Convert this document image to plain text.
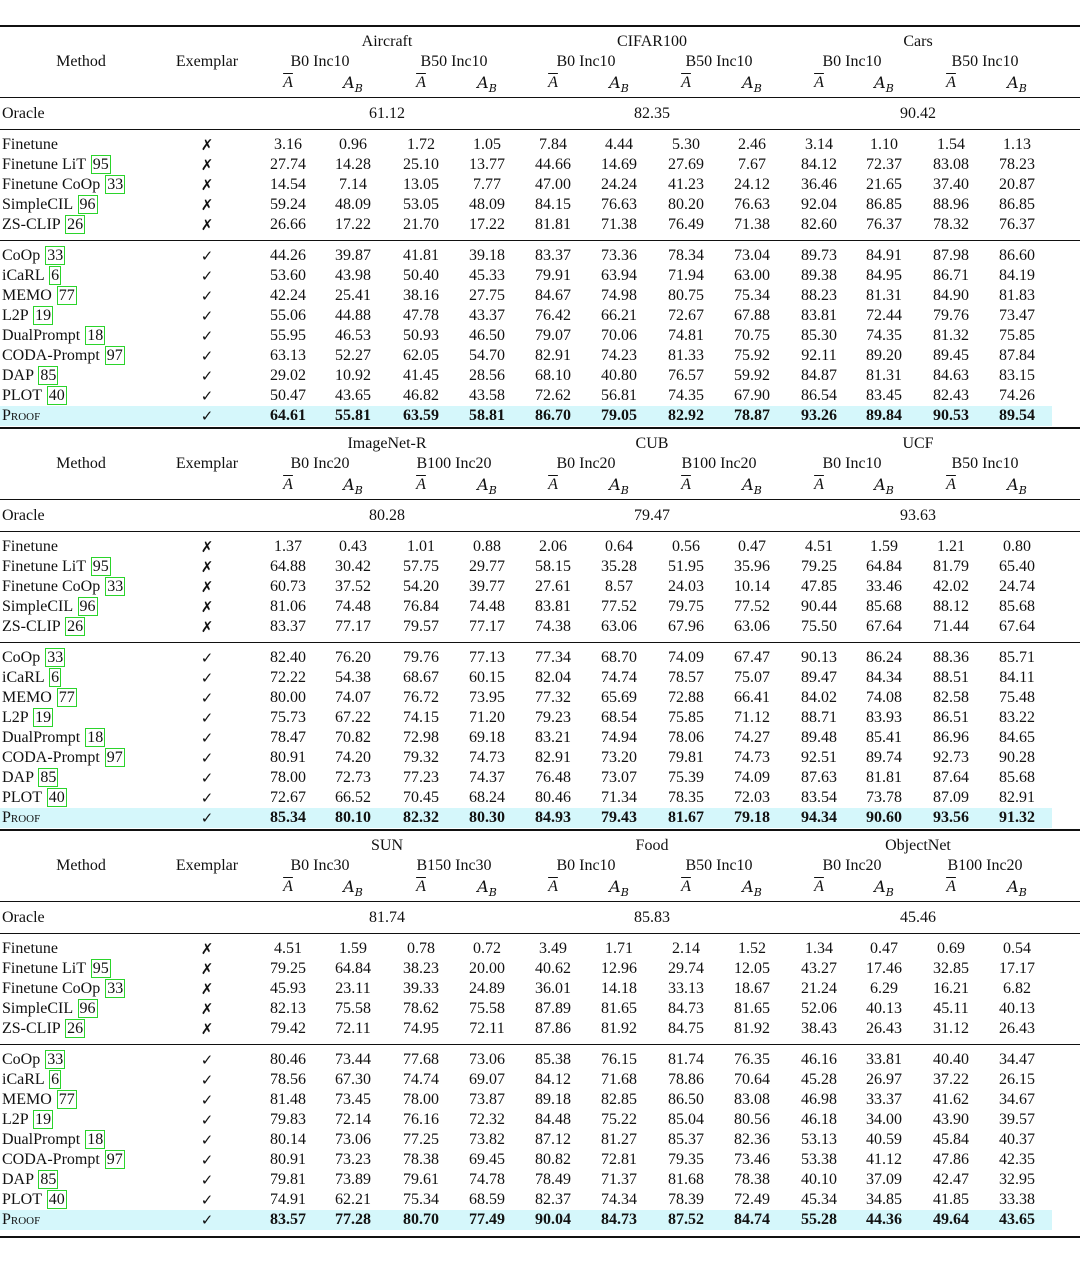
Method	Exemplar
Aircraft
B0 Inc10	B50 Inc10
CIFAR100
B0 Inc10	B50 Inc10
Cars
B0 Inc10	B50 Inc10
$\overline{A}$	$A_B$	$\overline{A}$	$A_B$	$\overline{A}$	$A_B$	$\overline{A}$	$A_B$	$\overline{A}$	$A_B$	$\overline{A}$	$A_B$
Oracle	61.12	82.35	90.42
Finetune	✗	3.16 0.96	1.72 1.05 7.84 4.44 5.30 2.46 3.14 1.10 1.54 1.13
Finetune LiT 95	✗	27.74 14.28 25.10 13.77 44.66 14.69 27.69 7.67 84.12 72.37 83.08 78.23
Finetune CoOp 33	✗	14.54 7.14 13.05 7.77 47.00 24.24 41.23 24.12 36.46 21.65 37.40 20.87
SimpleCIL 96	✗	59.24 48.09 53.05 48.09 84.15 76.63 80.20 76.63 92.04 86.85 88.96 86.85
ZS-CLIP 26	✗	26.66 17.22 21.70 17.22 81.81 71.38 76.49 71.38 82.60 76.37 78.32 76.37
CoOp 33	✓	44.26 39.87 41.81 39.18 83.37 73.36 78.34 73.04 89.73 84.91 87.98 86.60
iCaRL 6	✓	53.60 43.98 50.40 45.33 79.91 63.94 71.94 63.00 89.38 84.95 86.71 84.19
MEMO 77	✓	42.24 25.41 38.16 27.75 84.67 74.98 80.75 75.34 88.23 81.31 84.90 81.83
L2P 19	✓	55.06 44.88 47.78 43.37 76.42 66.21 72.67 67.88 83.81 72.44 79.76 73.47
DualPrompt 18	✓	55.95 46.53 50.93 46.50 79.07 70.06 74.81 70.75 85.30 74.35 81.32 75.85
CODA-Prompt 97	✓	63.13 52.27 62.05 54.70 82.91 74.23 81.33 75.92 92.11 89.20 89.45 87.84
DAP 85	✓	29.02 10.92 41.45 28.56 68.10 40.80 76.57 59.92 84.87 81.31 84.63 83.15
PLOT 40	✓	50.47 43.65 46.82 43.58 72.62 56.81 74.35 67.90 86.54 83.45 82.43 74.26
Proof	✓	64.61 55.81 63.59 58.81 86.70 79.05 82.92 78.87 93.26 89.84 90.53 89.54
Method	Exemplar
ImageNet-R
B0 Inc20	B100 Inc20
CUB
B0 Inc20	B100 Inc20
UCF
B0 Inc10	B50 Inc10
$\overline{A}$	$A_B$	$\overline{A}$	$A_B$	$\overline{A}$	$A_B$	$\overline{A}$	$A_B$	$\overline{A}$	$A_B$	$\overline{A}$	$A_B$
Oracle	80.28	79.47	93.63
Finetune	✗	1.37 0.43	1.01 0.88 2.06 0.64 0.56 0.47 4.51 1.59 1.21 0.80
Finetune LiT 95	✗	64.88 30.42 57.75 29.77 58.15 35.28 51.95 35.96 79.25 64.84 81.79 65.40
Finetune CoOp 33	✗	60.73 37.52 54.20 39.77 27.61 8.57 24.03 10.14 47.85 33.46 42.02 24.74
SimpleCIL 96	✗	81.06 74.48 76.84 74.48 83.81 77.52 79.75 77.52 90.44 85.68 88.12 85.68
ZS-CLIP 26	✗	83.37 77.17 79.57 77.17 74.38 63.06 67.96 63.06 75.50 67.64 71.44 67.64
CoOp 33	✓	82.40 76.20 79.76 77.13 77.34 68.70 74.09 67.47 90.13 86.24 88.36 85.71
iCaRL 6	✓	72.22 54.38 68.67 60.15 82.04 74.74 78.57 75.07 89.47 84.34 88.51 84.11
MEMO 77	✓	80.00 74.07 76.72 73.95 77.32 65.69 72.88 66.41 84.02 74.08 82.58 75.48
L2P 19	✓	75.73 67.22 74.15 71.20 79.23 68.54 75.85 71.12 88.71 83.93 86.51 83.22
DualPrompt 18	✓	78.47 70.82 72.98 69.18 83.21 74.94 78.06 74.27 89.48 85.41 86.96 84.65
CODA-Prompt 97	✓	80.91 74.20 79.32 74.73 82.91 73.20 79.81 74.73 92.51 89.74 92.73 90.28
DAP 85	✓	78.00 72.73 77.23 74.37 76.48 73.07 75.39 74.09 87.63 81.81 87.64 85.68
PLOT 40	✓	72.67 66.52 70.45 68.24 80.46 71.34 78.35 72.03 83.54 73.78 87.09 82.91
Proof	✓	85.34 80.10 82.32 80.30 84.93 79.43 81.67 79.18 94.34 90.60 93.56 91.32
Method	Exemplar
SUN
B0 Inc30	B150 Inc30
Food
B0 Inc10	B50 Inc10
ObjectNet
B0 Inc20	B100 Inc20
$\overline{A}$	$A_B$	$\overline{A}$	$A_B$	$\overline{A}$	$A_B$	$\overline{A}$	$A_B$	$\overline{A}$	$A_B$	$\overline{A}$	$A_B$
Oracle	81.74	85.83	45.46
Finetune	✗	4.51 1.59	0.78 0.72 3.49 1.71 2.14 1.52 1.34 0.47 0.69 0.54
Finetune LiT 95	✗	79.25 64.84 38.23 20.00 40.62 12.96 29.74 12.05 43.27 17.46 32.85 17.17
Finetune CoOp 33	✗	45.93 23.11 39.33 24.89 36.01 14.18 33.13 18.67 21.24 6.29 16.21 6.82
SimpleCIL 96	✗	82.13 75.58 78.62 75.58 87.89 81.65 84.73 81.65 52.06 40.13 45.11 40.13
ZS-CLIP 26	✗	79.42 72.11 74.95 72.11 87.86 81.92 84.75 81.92 38.43 26.43 31.12 26.43
CoOp 33	✓	80.46 73.44 77.68 73.06 85.38 76.15 81.74 76.35 46.16 33.81 40.40 34.47
iCaRL 6	✓	78.56 67.30 74.74 69.07 84.12 71.68 78.86 70.64 45.28 26.97 37.22 26.15
MEMO 77	✓	81.48 73.45 78.00 73.87 89.18 82.85 86.50 83.08 46.98 33.37 41.62 34.67
L2P 19	✓	79.83 72.14 76.16 72.32 84.48 75.22 85.04 80.56 46.18 34.00 43.90 39.57
DualPrompt 18	✓	80.14 73.06 77.25 73.82 87.12 81.27 85.37 82.36 53.13 40.59 45.84 40.37
CODA-Prompt 97	✓	80.91 73.23 78.38 69.45 80.82 72.81 79.35 73.46 53.38 41.12 47.86 42.35
DAP 85	✓	79.81 73.89 79.61 74.78 78.49 71.37 81.68 78.38 40.10 37.09 42.47 32.95
PLOT 40	✓	74.91 62.21 75.34 68.59 82.37 74.34 78.39 72.49 45.34 34.85 41.85 33.38
Proof	✓	83.57 77.28 80.70 77.49 90.04 84.73 87.52 84.74 55.28 44.36 49.64 43.65
